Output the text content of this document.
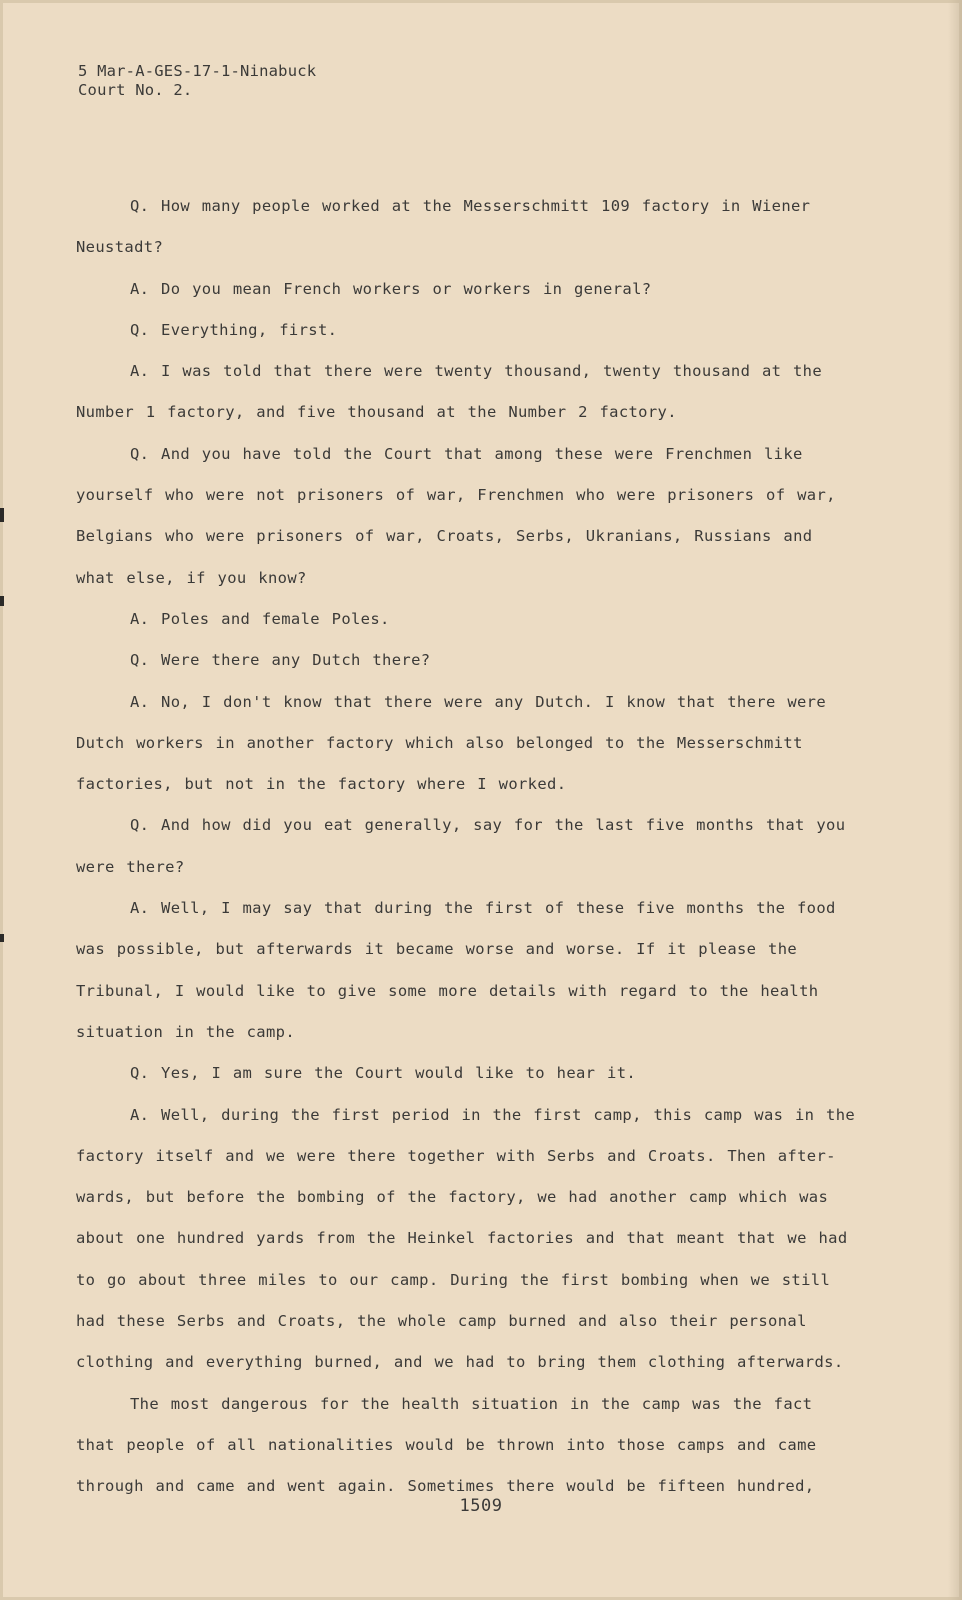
5 Mar-A-GES-17-1-Ninabuck
Court No. 2.
Q. How many people worked at the Messerschmitt 109 factory in Wiener
Neustadt?
A. Do you mean French workers or workers in general?
Q. Everything, first.
A. I was told that there were twenty thousand, twenty thousand at the
Number 1 factory, and five thousand at the Number 2 factory.
Q. And you have told the Court that among these were Frenchmen like
yourself who were not prisoners of war, Frenchmen who were prisoners of war,
Belgians who were prisoners of war, Croats, Serbs, Ukranians, Russians and
what else, if you know?
A. Poles and female Poles.
Q. Were there any Dutch there?
A. No, I don't know that there were any Dutch. I know that there were
Dutch workers in another factory which also belonged to the Messerschmitt
factories, but not in the factory where I worked.
Q. And how did you eat generally, say for the last five months that you
were there?
A. Well, I may say that during the first of these five months the food
was possible, but afterwards it became worse and worse. If it please the
Tribunal, I would like to give some more details with regard to the health
situation in the camp.
Q. Yes, I am sure the Court would like to hear it.
A. Well, during the first period in the first camp, this camp was in the
factory itself and we were there together with Serbs and Croats. Then after-
wards, but before the bombing of the factory, we had another camp which was
about one hundred yards from the Heinkel factories and that meant that we had
to go about three miles to our camp. During the first bombing when we still
had these Serbs and Croats, the whole camp burned and also their personal
clothing and everything burned, and we had to bring them clothing afterwards.
The most dangerous for the health situation in the camp was the fact
that people of all nationalities would be thrown into those camps and came
through and came and went again. Sometimes there would be fifteen hundred,
1509
